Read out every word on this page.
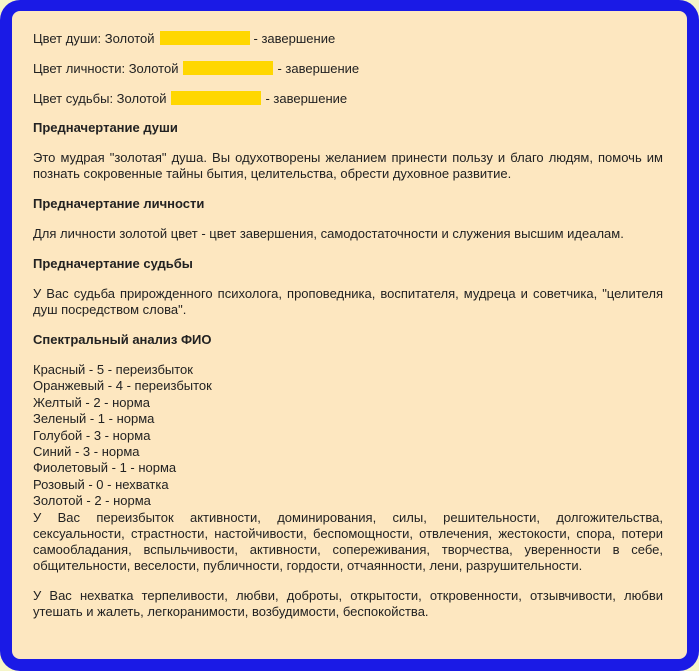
Цвет души: Золотой	- завершение
Цвет личности: Золотой	- завершение
Цвет судьбы: Золотой	- завершение
Предначертание души

Это мудрая "золотая" душа. Вы одухотворены желанием принести пользу и благо людям, помочь им познать сокровенные тайны бытия, целительства, обрести духовное развитие.

Предначертание личности

Для личности золотой цвет - цвет завершения, самодостаточности и служения высшим идеалам.

Предначертание судьбы

У Вас судьба прирожденного психолога, проповедника, воспитателя, мудреца и советчика, "целителя душ посредством слова".

Спектральный анализ ФИО
Красный - 5 - переизбыток
Оранжевый - 4 - переизбыток
Желтый - 2 - норма
Зеленый - 1 - норма
Голубой - 3 - норма
Синий - 3 - норма
Фиолетовый - 1 - норма
Розовый - 0 - нехватка
Золотой - 2 - норма

У Вас переизбыток активности, доминирования, силы, решительности, долгожительства, сексуальности, страстности, настойчивости, беспомощности, отвлечения, жестокости, спора, потери самообладания, вспыльчивости, активности, сопереживания, творчества, уверенности в себе, общительности, веселости, публичности, гордости, отчаянности, лени, разрушительности.

У Вас нехватка терпеливости, любви, доброты, открытости, откровенности, отзывчивости, любви утешать и жалеть, легкоранимости, возбудимости, беспокойства.
